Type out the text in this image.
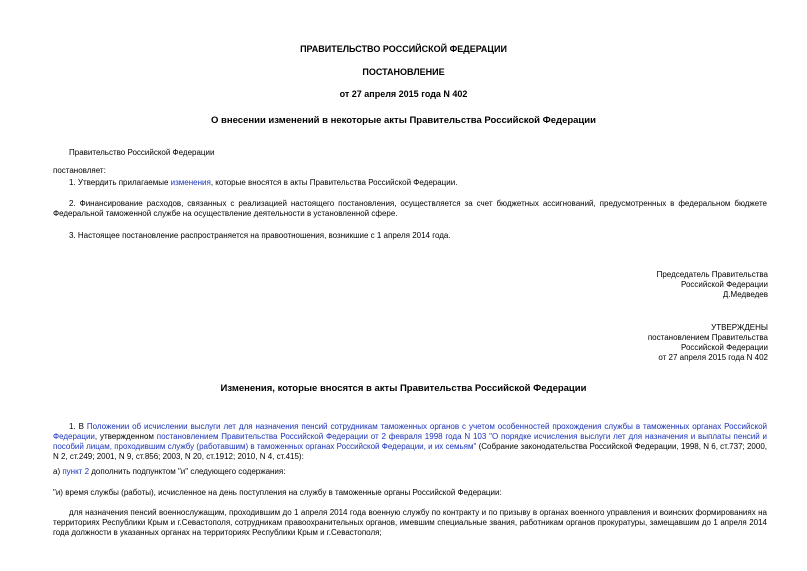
ПРАВИТЕЛЬСТВО РОССИЙСКОЙ ФЕДЕРАЦИИ
ПОСТАНОВЛЕНИЕ
от 27 апреля 2015 года N 402
О внесении изменений в некоторые акты Правительства Российской Федерации
Правительство Российской Федерации
постановляет:
1. Утвердить прилагаемые изменения, которые вносятся в акты Правительства Российской Федерации.

2. Финансирование расходов, связанных с реализацией настоящего постановления, осуществляется за счет бюджетных ассигнований, предусмотренных в федеральном бюджете Федеральной таможенной службе на осуществление деятельности в установленной сфере.

3. Настоящее постановление распространяется на правоотношения, возникшие с 1 апреля 2014 года.
Председатель Правительства
Российской Федерации
Д.Медведев
УТВЕРЖДЕНЫ
постановлением Правительства
Российской Федерации
от 27 апреля 2015 года N 402
Изменения, которые вносятся в акты Правительства Российской Федерации

1. В Положении об исчислении выслуги лет для назначения пенсий сотрудникам таможенных органов с учетом особенностей прохождения службы в таможенных органах Российской Федерации, утвержденном постановлением Правительства Российской Федерации от 2 февраля 1998 года N 103 "О порядке исчисления выслуги лет для назначения и выплаты пенсий и пособий лицам, проходившим службу (работавшим) в таможенных органах Российской Федерации, и их семьям" (Собрание законодательства Российской Федерации, 1998, N 6, ст.737; 2000, N 2, ст.249; 2001, N 9, ст.856; 2003, N 20, ст.1912; 2010, N 4, ст.415):

а) пункт 2 дополнить подпунктом "и" следующего содержания:
"и) время службы (работы), исчисленное на день поступления на службу в таможенные органы Российской Федерации:

для назначения пенсий военнослужащим, проходившим до 1 апреля 2014 года военную службу по контракту и по призыву в органах военного управления и воинских формированиях на территориях Республики Крым и г.Севастополя, сотрудникам правоохранительных органов, имевшим специальные звания, работникам органов прокуратуры, замещавшим до 1 апреля 2014 года должности в указанных органах на территориях Республики Крым и г.Севастополя;
